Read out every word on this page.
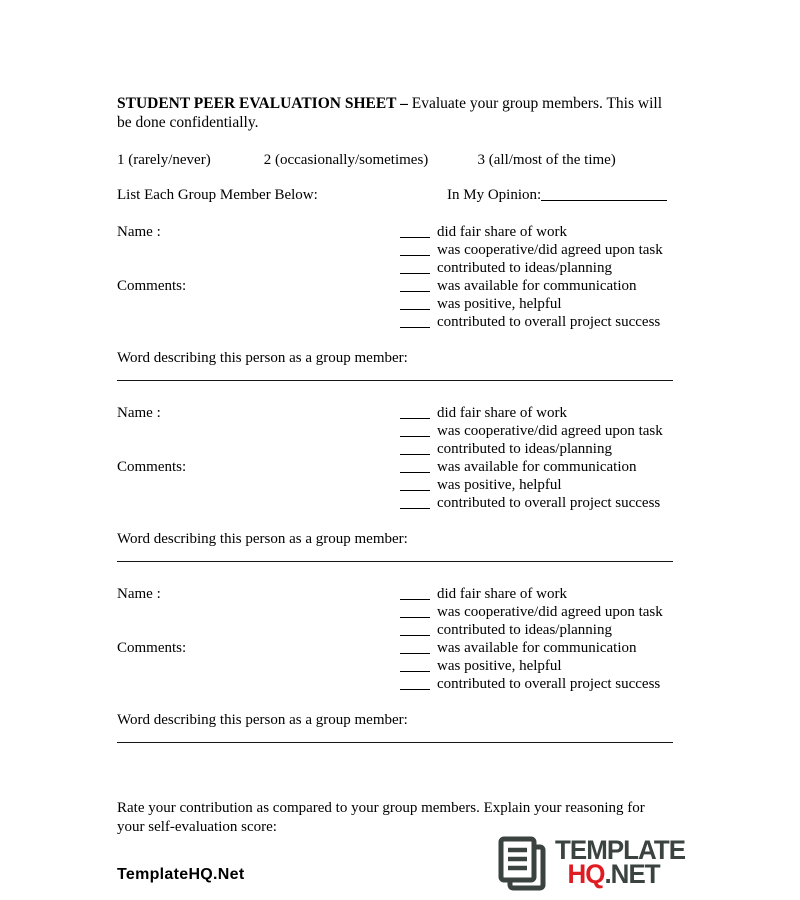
STUDENT PEER EVALUATION SHEET – Evaluate your group members. This will be done confidentially.

1 (rarely/never)	2 (occasionally/sometimes)	3 (all/most of the time)
List Each Group Member Below:	In My Opinion:
Name :
Comments:
did fair share of work
was cooperative/did agreed upon task
contributed to ideas/planning
was available for communication
was positive, helpful
contributed to overall project success
Word describing this person as a group member:
Name :
Comments:
did fair share of work
was cooperative/did agreed upon task
contributed to ideas/planning
was available for communication
was positive, helpful
contributed to overall project success
Word describing this person as a group member:
Name :
Comments:
did fair share of work
was cooperative/did agreed upon task
contributed to ideas/planning
was available for communication
was positive, helpful
contributed to overall project success
Word describing this person as a group member:

Rate your contribution as compared to your group members. Explain your reasoning for your self-evaluation score:

TemplateHQ.Net
TEMPLATE
HQ.NET
